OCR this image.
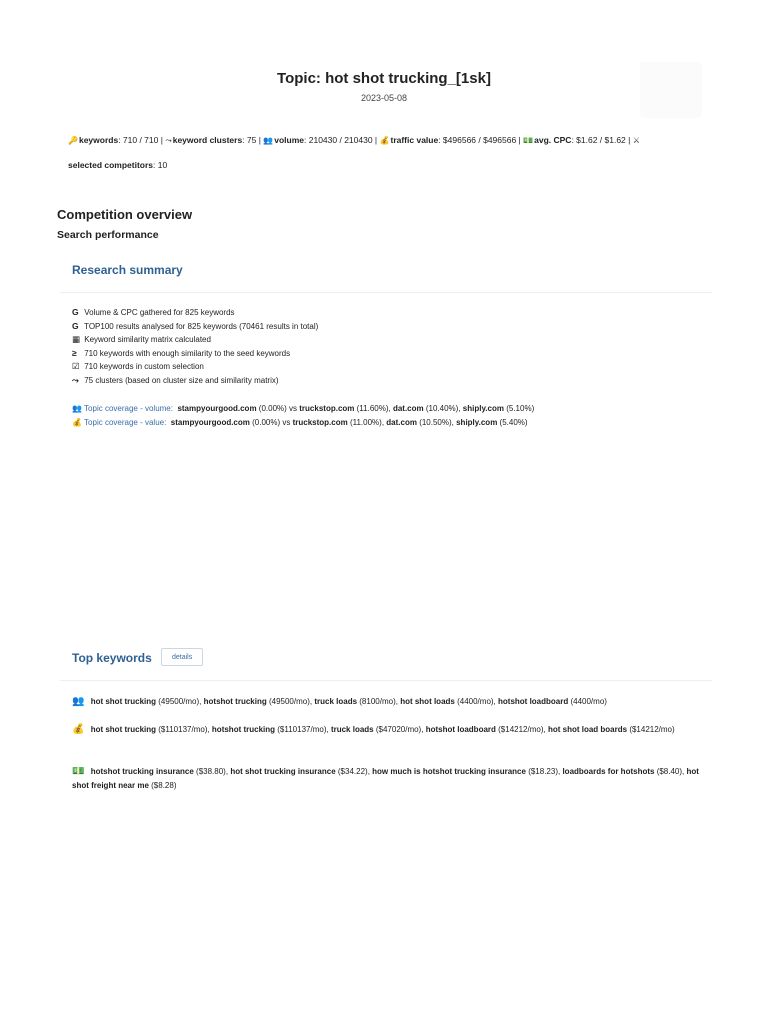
Topic: hot shot trucking_[1sk]
2023-05-08
🔑keywords: 710 / 710 | ⤳keyword clusters: 75 | 👥volume: 210430 / 210430 | 💰traffic value: $496566 / $496566 | 💵avg. CPC: $1.62 / $1.62 | ⚔
selected competitors: 10
Competition overview
Search performance
Research summary
G Volume & CPC gathered for 825 keywords
G TOP100 results analysed for 825 keywords (70461 results in total)
▦ Keyword similarity matrix calculated
≥ 710 keywords with enough similarity to the seed keywords
☑ 710 keywords in custom selection
⤳ 75 clusters (based on cluster size and similarity matrix)
👥 Topic coverage - volume: stampyourgood.com (0.00%) vs truckstop.com (11.60%), dat.com (10.40%), shiply.com (5.10%)
💰 Topic coverage - value: stampyourgood.com (0.00%) vs truckstop.com (11.00%), dat.com (10.50%), shiply.com (5.40%)
Top keywords	details
👥 hot shot trucking (49500/mo), hotshot trucking (49500/mo), truck loads (8100/mo), hot shot loads (4400/mo), hotshot loadboard (4400/mo)
💰 hot shot trucking ($110137/mo), hotshot trucking ($110137/mo), truck loads ($47020/mo), hotshot loadboard ($14212/mo), hot shot load boards ($14212/mo)
💵 hotshot trucking insurance ($38.80), hot shot trucking insurance ($34.22), how much is hotshot trucking insurance ($18.23), loadboards for hotshots ($8.40), hot shot freight near me ($8.28)
